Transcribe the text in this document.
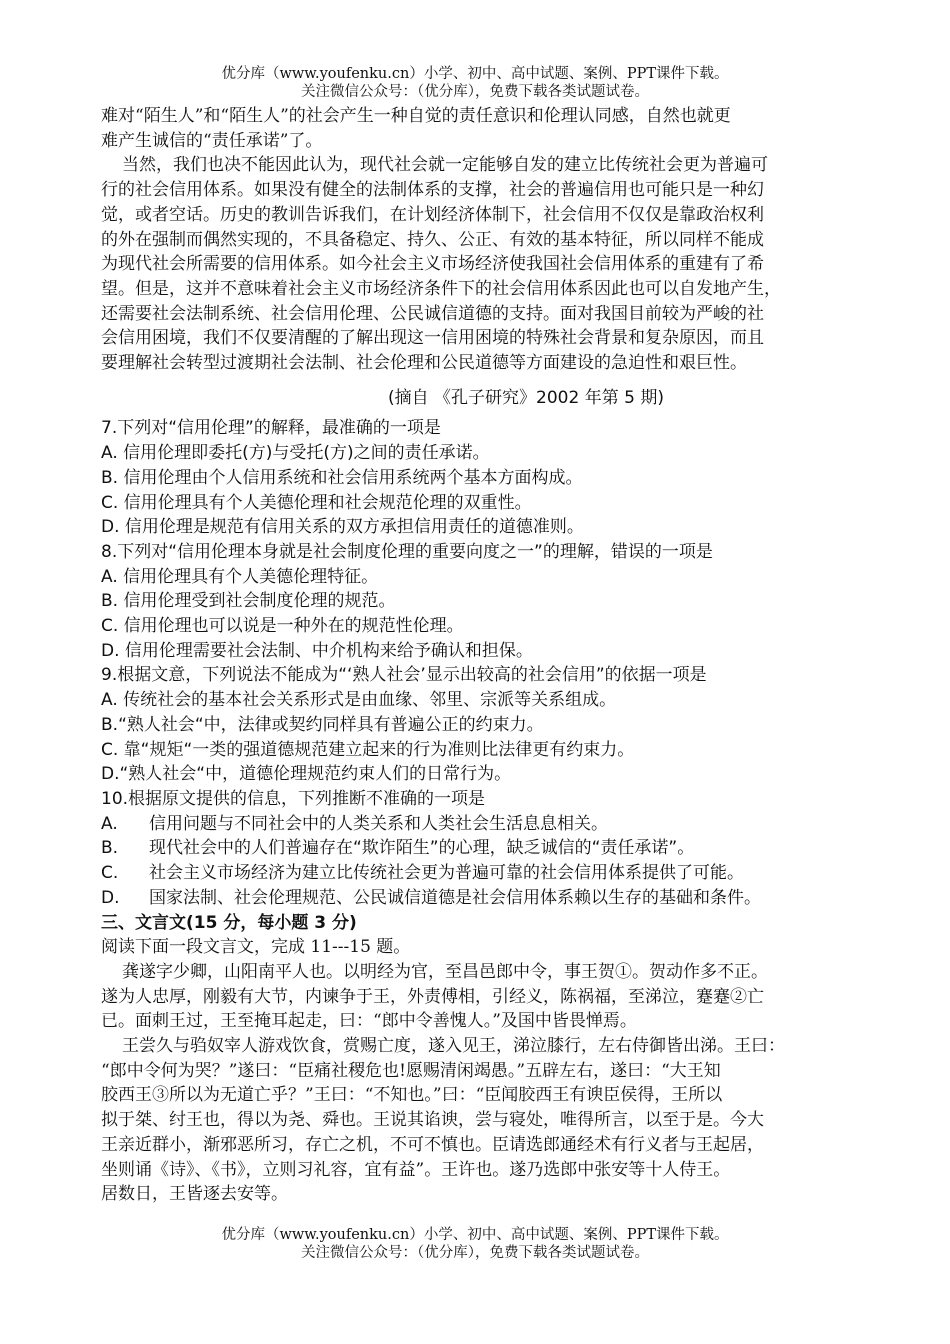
优分库（www.youfenku.cn）小学、初中、高中试题、案例、PPT课件下载。
关注微信公众号：（优分库），免费下载各类试题试卷。

难对“陌生人”和“陌生人”的社会产生一种自觉的责任意识和伦理认同感，自然也就更

难产生诚信的“责任承诺”了。

当然，我们也决不能因此认为，现代社会就一定能够自发的建立比传统社会更为普遍可

行的社会信用体系。如果没有健全的法制体系的支撑，社会的普遍信用也可能只是一种幻

觉，或者空话。历史的教训告诉我们，在计划经济体制下，社会信用不仅仅是靠政治权利

的外在强制而偶然实现的，不具备稳定、持久、公正、有效的基本特征，所以同样不能成

为现代社会所需要的信用体系。如今社会主义市场经济使我国社会信用体系的重建有了希

望。但是，这并不意味着社会主义市场经济条件下的社会信用体系因此也可以自发地产生，

还需要社会法制系统、社会信用伦理、公民诚信道德的支持。面对我国目前较为严峻的社

会信用困境，我们不仅要清醒的了解出现这一信用困境的特殊社会背景和复杂原因，而且

要理解社会转型过渡期社会法制、社会伦理和公民道德等方面建设的急迫性和艰巨性。

(摘自 《孔子研究》2002 年第 5 期)

7.下列对“信用伦理”的解释，最准确的一项是

A. 信用伦理即委托(方)与受托(方)之间的责任承诺。

B. 信用伦理由个人信用系统和社会信用系统两个基本方面构成。

C. 信用伦理具有个人美德伦理和社会规范伦理的双重性。

D. 信用伦理是规范有信用关系的双方承担信用责任的道德准则。

8.下列对“信用伦理本身就是社会制度伦理的重要向度之一”的理解，错误的一项是

A. 信用伦理具有个人美德伦理特征。

B. 信用伦理受到社会制度伦理的规范。

C. 信用伦理也可以说是一种外在的规范性伦理。

D. 信用伦理需要社会法制、中介机构来给予确认和担保。

9.根据文意，下列说法不能成为“‘熟人社会’显示出较高的社会信用”的依据一项是

A. 传统社会的基本社会关系形式是由血缘、邻里、宗派等关系组成。

B.“熟人社会“中，法律或契约同样具有普遍公正的约束力。

C. 靠“规矩“一类的强道德规范建立起来的行为准则比法律更有约束力。

D.“熟人社会“中，道德伦理规范约束人们的日常行为。

10.根据原文提供的信息，下列推断不准确的一项是

A. 信用问题与不同社会中的人类关系和人类社会生活息息相关。

B. 现代社会中的人们普遍存在“欺诈陌生”的心理，缺乏诚信的“责任承诺”。

C. 社会主义市场经济为建立比传统社会更为普遍可靠的社会信用体系提供了可能。

D. 国家法制、社会伦理规范、公民诚信道德是社会信用体系赖以生存的基础和条件。

三、文言文(15 分，每小题 3 分)

阅读下面一段文言文，完成 11---15 题。

龚遂字少卿，山阳南平人也。以明经为官，至昌邑郎中令，事王贺①。贺动作多不正。

遂为人忠厚，刚毅有大节，内谏争于王，外责傅相，引经义，陈祸福，至涕泣，蹇蹇②亡

已。面刺王过，王至掩耳起走，曰：“郎中令善愧人。”及国中皆畏惮焉。

王尝久与驺奴宰人游戏饮食，赏赐亡度，遂入见王，涕泣膝行，左右侍御皆出涕。王曰：

“郎中令何为哭？”遂曰：“臣痛社稷危也!愿赐清闲竭愚。”五辟左右，遂曰：“大王知

胶西王③所以为无道亡乎？”王曰：“不知也。”曰：“臣闻胶西王有谀臣侯得，王所以

拟于桀、纣王也，得以为尧、舜也。王说其谄谀，尝与寝处，唯得所言，以至于是。今大

王亲近群小，渐邪恶所习，存亡之机，不可不慎也。臣请选郎通经术有行义者与王起居，

坐则诵《诗》、《书》，立则习礼容，宜有益”。王许也。遂乃选郎中张安等十人侍王。

居数日，王皆逐去安等。

优分库（www.youfenku.cn）小学、初中、高中试题、案例、PPT课件下载。
关注微信公众号：（优分库），免费下载各类试题试卷。
